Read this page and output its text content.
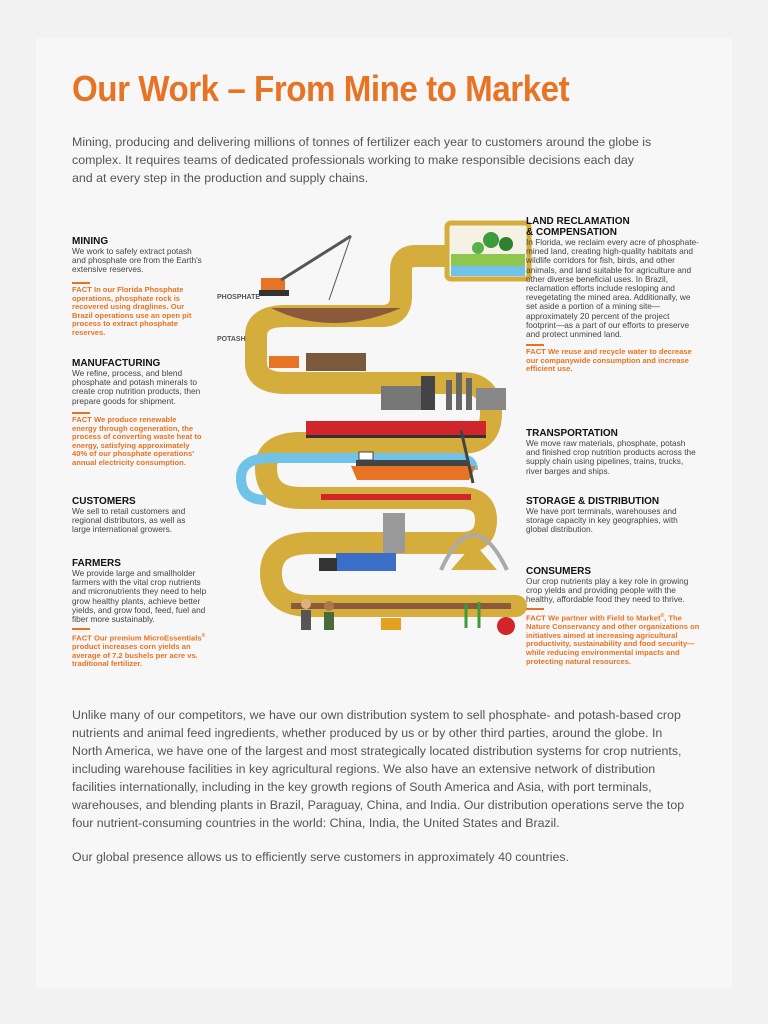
Our Work – From Mine to Market

Mining, producing and delivering millions of tonnes of fertilizer each year to customers around the globe is complex. It requires teams of dedicated professionals working to make responsible decisions each day and at every step in the production and supply chains.

PHOSPHATE
POTASH
MINING
We work to safely extract potash and phosphate ore from the Earth's extensive reserves.
FACT In our Florida Phosphate operations, phosphate rock is recovered using draglines. Our Brazil operations use an open pit process to extract phosphate reserves.
MANUFACTURING
We refine, process, and blend phosphate and potash minerals to create crop nutrition products, then prepare goods for shipment.
FACT We produce renewable energy through cogeneration, the process of converting waste heat to energy, satisfying approximately 40% of our phosphate operations' annual electricity consumption.
CUSTOMERS
We sell to retail customers and regional distributors, as well as large international growers.
FARMERS
We provide large and smallholder farmers with the vital crop nutrients and micronutrients they need to help grow healthy plants, achieve better yields, and grow food, feed, fuel and fiber more sustainably.
FACT Our premium MicroEssentials® product increases corn yields an average of 7.2 bushels per acre vs. traditional fertilizer.
LAND RECLAMATION
& COMPENSATION
In Florida, we reclaim every acre of phosphate-mined land, creating high-quality habitats and wildlife corridors for fish, birds, and other animals, and land suitable for agriculture and other diverse beneficial uses. In Brazil, reclamation efforts include resloping and revegetating the mined area. Additionally, we set aside a portion of a mining site— approximately 20 percent of the project footprint—as a part of our efforts to preserve and protect unmined land.
FACT We reuse and recycle water to decrease our companywide consumption and increase efficient use.
TRANSPORTATION
We move raw materials, phosphate, potash and finished crop nutrition products across the supply chain using pipelines, trains, trucks, river barges and ships.
STORAGE & DISTRIBUTION
We have port terminals, warehouses and storage capacity in key geographies, with global distribution.
CONSUMERS
Our crop nutrients play a key role in growing crop yields and providing people with the healthy, affordable food they need to thrive.
FACT We partner with Field to Market®, The Nature Conservancy and other organizations on initiatives aimed at increasing agricultural productivity, sustainability and food security— while reducing environmental impacts and protecting natural resources.

Unlike many of our competitors, we have our own distribution system to sell phosphate- and potash-based crop nutrients and animal feed ingredients, whether produced by us or by other third parties, around the globe. In North America, we have one of the largest and most strategically located distribution systems for crop nutrients, including warehouse facilities in key agricultural regions. We also have an extensive network of distribution facilities internationally, including in the key growth regions of South America and Asia, with port terminals, warehouses, and blending plants in Brazil, Paraguay, China, and India. Our distribution operations serve the top four nutrient-consuming countries in the world: China, India, the United States and Brazil.

Our global presence allows us to efficiently serve customers in approximately 40 countries.
